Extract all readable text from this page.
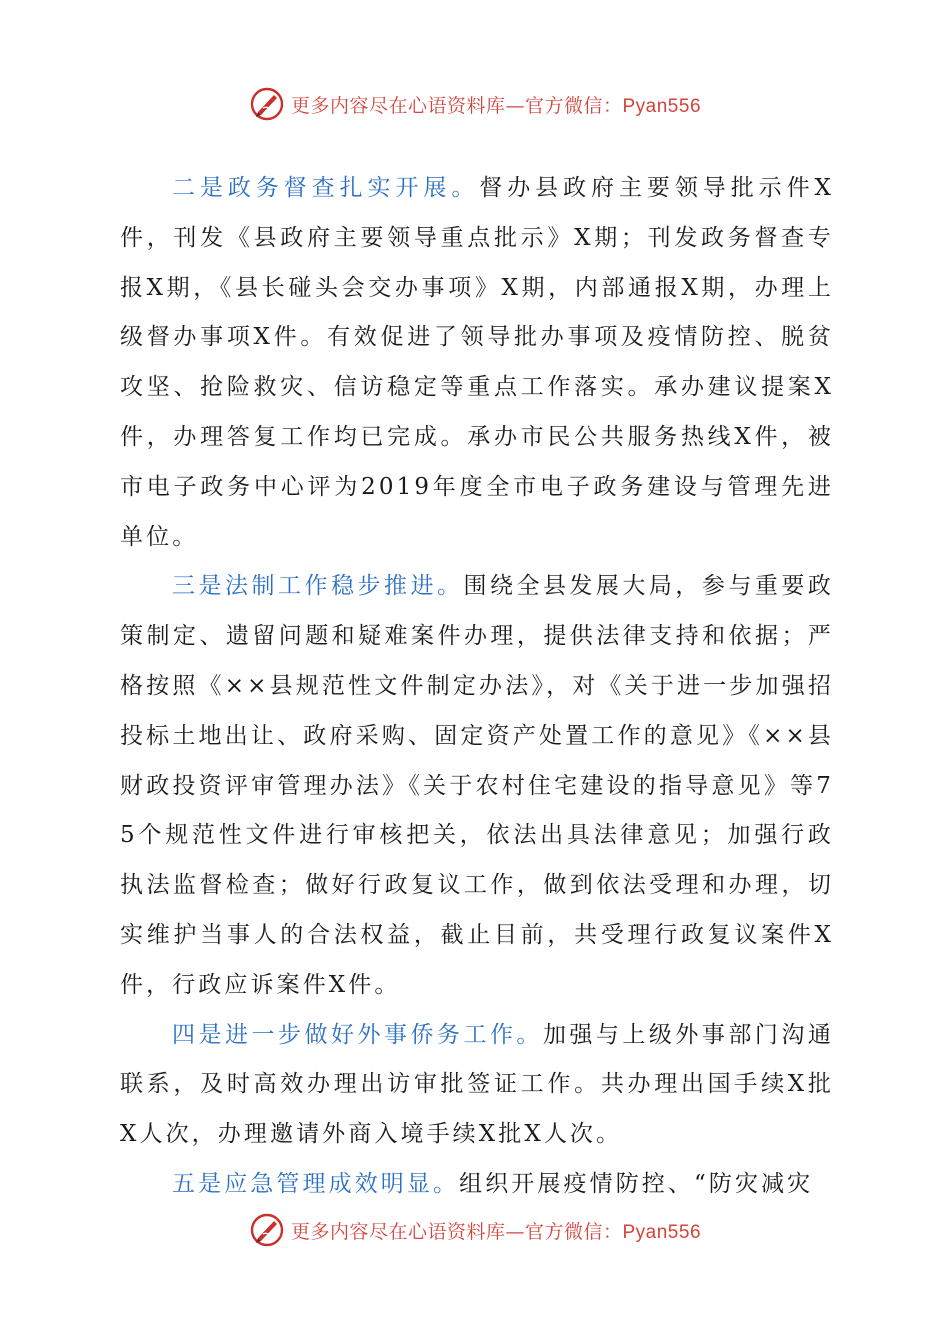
更多内容尽在心语资料库—官方微信：Pyan556

二是政务督查扎实开展。督办县政府主要领导批示件X件，刊发《县政府主要领导重点批示》X期；刊发政务督查专报X期，《县长碰头会交办事项》X期，内部通报X期，办理上级督办事项X件。有效促进了领导批办事项及疫情防控、脱贫攻坚、抢险救灾、信访稳定等重点工作落实。承办建议提案X件，办理答复工作均已完成。承办市民公共服务热线X件，被市电子政务中心评为2019年度全市电子政务建设与管理先进单位。

三是法制工作稳步推进。围绕全县发展大局，参与重要政策制定、遗留问题和疑难案件办理，提供法律支持和依据；严格按照《××县规范性文件制定办法》，对《关于进一步加强招投标土地出让、政府采购、固定资产处置工作的意见》《××县财政投资评审管理办法》《关于农村住宅建设的指导意见》等75个规范性文件进行审核把关，依法出具法律意见；加强行政执法监督检查；做好行政复议工作，做到依法受理和办理，切实维护当事人的合法权益，截止目前，共受理行政复议案件X件，行政应诉案件X件。

四是进一步做好外事侨务工作。加强与上级外事部门沟通联系，及时高效办理出访审批签证工作。共办理出国手续X批X人次，办理邀请外商入境手续X批X人次。

五是应急管理成效明显。组织开展疫情防控、“防灾减灾

更多内容尽在心语资料库—官方微信：Pyan556
